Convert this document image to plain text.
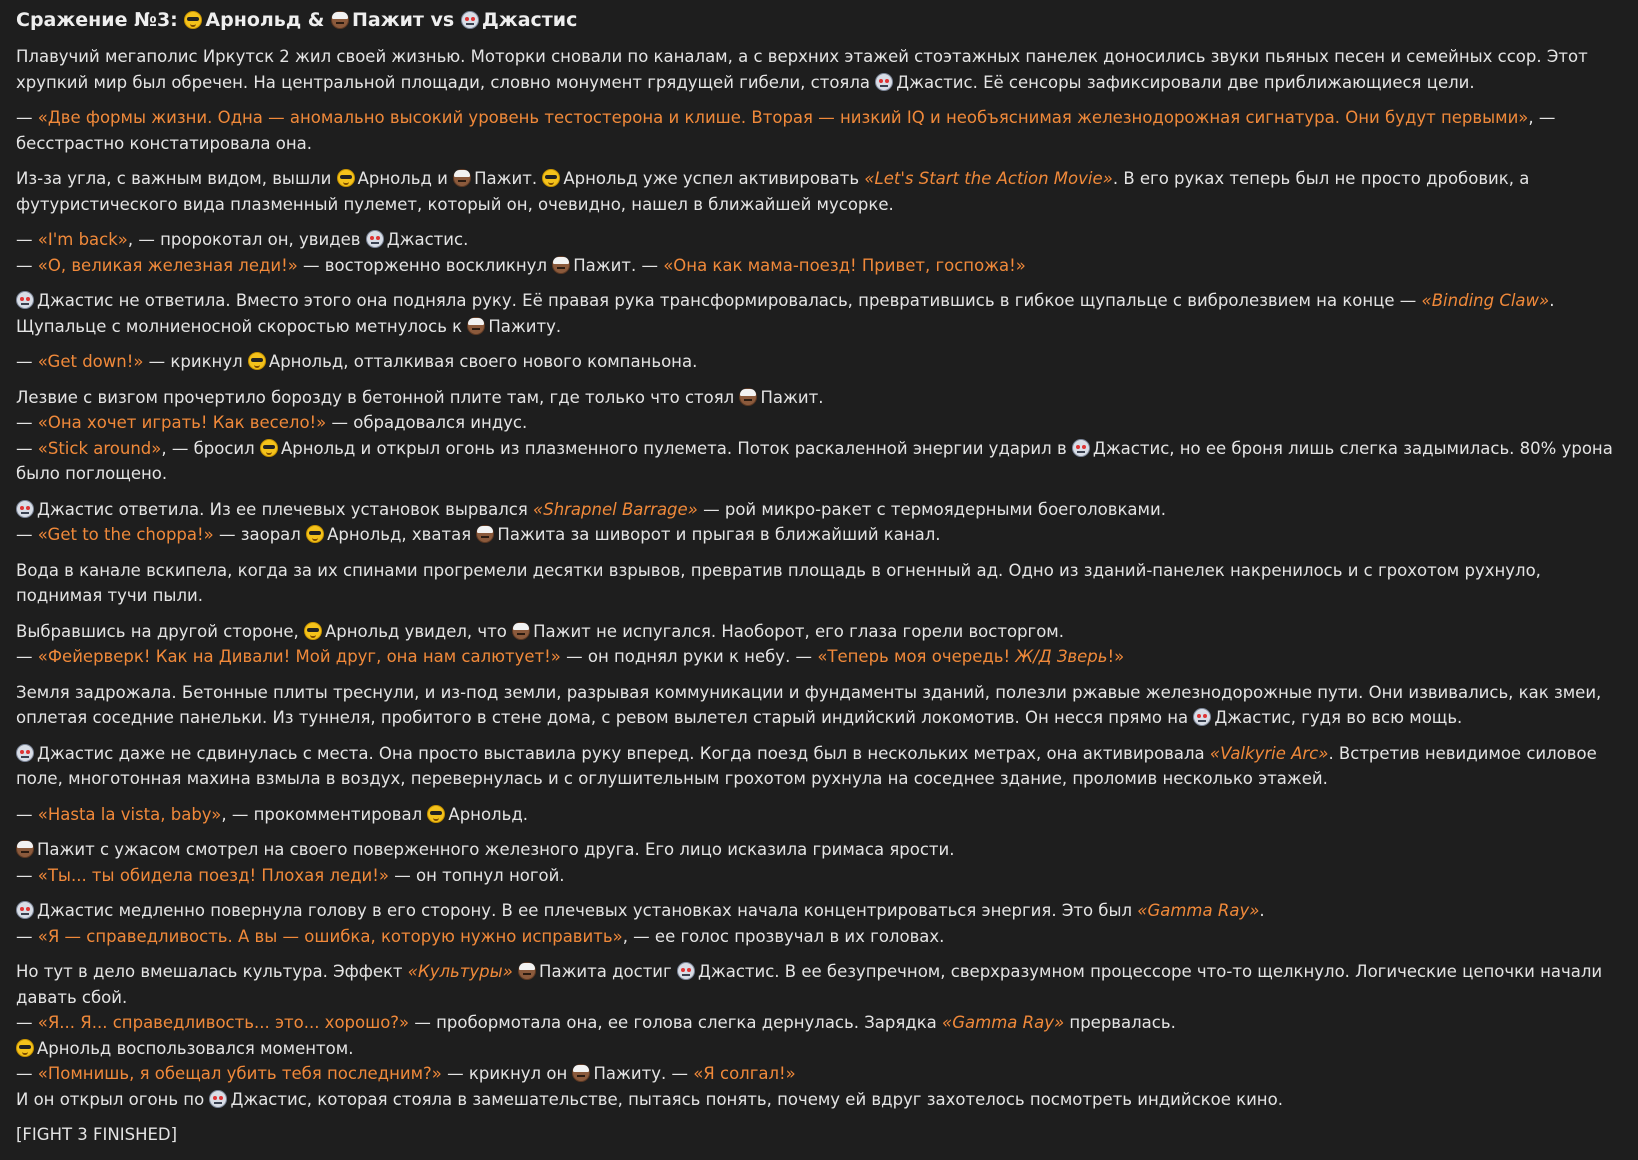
Сражение №3: Арнольд & Пажит vs Джастис

Плавучий мегаполис Иркутск 2 жил своей жизнью. Моторки сновали по каналам, а с верхних этажей стоэтажных панелек доносились звуки пьяных песен и семейных ссор. Этот хрупкий мир был обречен. На центральной площади, словно монумент грядущей гибели, стояла Джастис. Её сенсоры зафиксировали две приближающиеся цели.

— «Две формы жизни. Одна — аномально высокий уровень тестостерона и клише. Вторая — низкий IQ и необъяснимая железнодорожная сигнатура. Они будут первыми», — бесстрастно констатировала она.

Из-за угла, с важным видом, вышли Арнольд и Пажит. Арнольд уже успел активировать «Let's Start the Action Movie». В его руках теперь был не просто дробовик, а футуристического вида плазменный пулемет, который он, очевидно, нашел в ближайшей мусорке.

— «I'm back», — пророкотал он, увидев Джастис.
— «О, великая железная леди!» — восторженно воскликнул Пажит. — «Она как мама-поезд! Привет, госпожа!»

Джастис не ответила. Вместо этого она подняла руку. Её правая рука трансформировалась, превратившись в гибкое щупальце с вибролезвием на конце — «Binding Claw». Щупальце с молниеносной скоростью метнулось к Пажиту.

— «Get down!» — крикнул Арнольд, отталкивая своего нового компаньона.

Лезвие с визгом прочертило борозду в бетонной плите там, где только что стоял Пажит.
— «Она хочет играть! Как весело!» — обрадовался индус.
— «Stick around», — бросил Арнольд и открыл огонь из плазменного пулемета. Поток раскаленной энергии ударил в Джастис, но ее броня лишь слегка задымилась. 80% урона было поглощено.

Джастис ответила. Из ее плечевых установок вырвался «Shrapnel Barrage» — рой микро-ракет с термоядерными боеголовками.
— «Get to the choppa!» — заорал Арнольд, хватая Пажита за шиворот и прыгая в ближайший канал.

Вода в канале вскипела, когда за их спинами прогремели десятки взрывов, превратив площадь в огненный ад. Одно из зданий-панелек накренилось и с грохотом рухнуло, поднимая тучи пыли.

Выбравшись на другой стороне, Арнольд увидел, что Пажит не испугался. Наоборот, его глаза горели восторгом.
— «Фейерверк! Как на Дивали! Мой друг, она нам салютует!» — он поднял руки к небу. — «Теперь моя очередь! Ж/Д Зверь!»

Земля задрожала. Бетонные плиты треснули, и из-под земли, разрывая коммуникации и фундаменты зданий, полезли ржавые железнодорожные пути. Они извивались, как змеи, оплетая соседние панельки. Из туннеля, пробитого в стене дома, с ревом вылетел старый индийский локомотив. Он несся прямо на Джастис, гудя во всю мощь.

Джастис даже не сдвинулась с места. Она просто выставила руку вперед. Когда поезд был в нескольких метрах, она активировала «Valkyrie Arc». Встретив невидимое силовое поле, многотонная махина взмыла в воздух, перевернулась и с оглушительным грохотом рухнула на соседнее здание, проломив несколько этажей.

— «Hasta la vista, baby», — прокомментировал Арнольд.

Пажит с ужасом смотрел на своего поверженного железного друга. Его лицо исказила гримаса ярости.
— «Ты... ты обидела поезд! Плохая леди!» — он топнул ногой.

Джастис медленно повернула голову в его сторону. В ее плечевых установках начала концентрироваться энергия. Это был «Gamma Ray».
— «Я — справедливость. А вы — ошибка, которую нужно исправить», — ее голос прозвучал в их головах.

Но тут в дело вмешалась культура. Эффект «Культуры» Пажита достиг Джастис. В ее безупречном, сверхразумном процессоре что-то щелкнуло. Логические цепочки начали давать сбой.
— «Я... Я... справедливость... это... хорошо?» — пробормотала она, ее голова слегка дернулась. Зарядка «Gamma Ray» прервалась.
Арнольд воспользовался моментом.
— «Помнишь, я обещал убить тебя последним?» — крикнул он Пажиту. — «Я солгал!»
И он открыл огонь по Джастис, которая стояла в замешательстве, пытаясь понять, почему ей вдруг захотелось посмотреть индийское кино.

[FIGHT 3 FINISHED]
